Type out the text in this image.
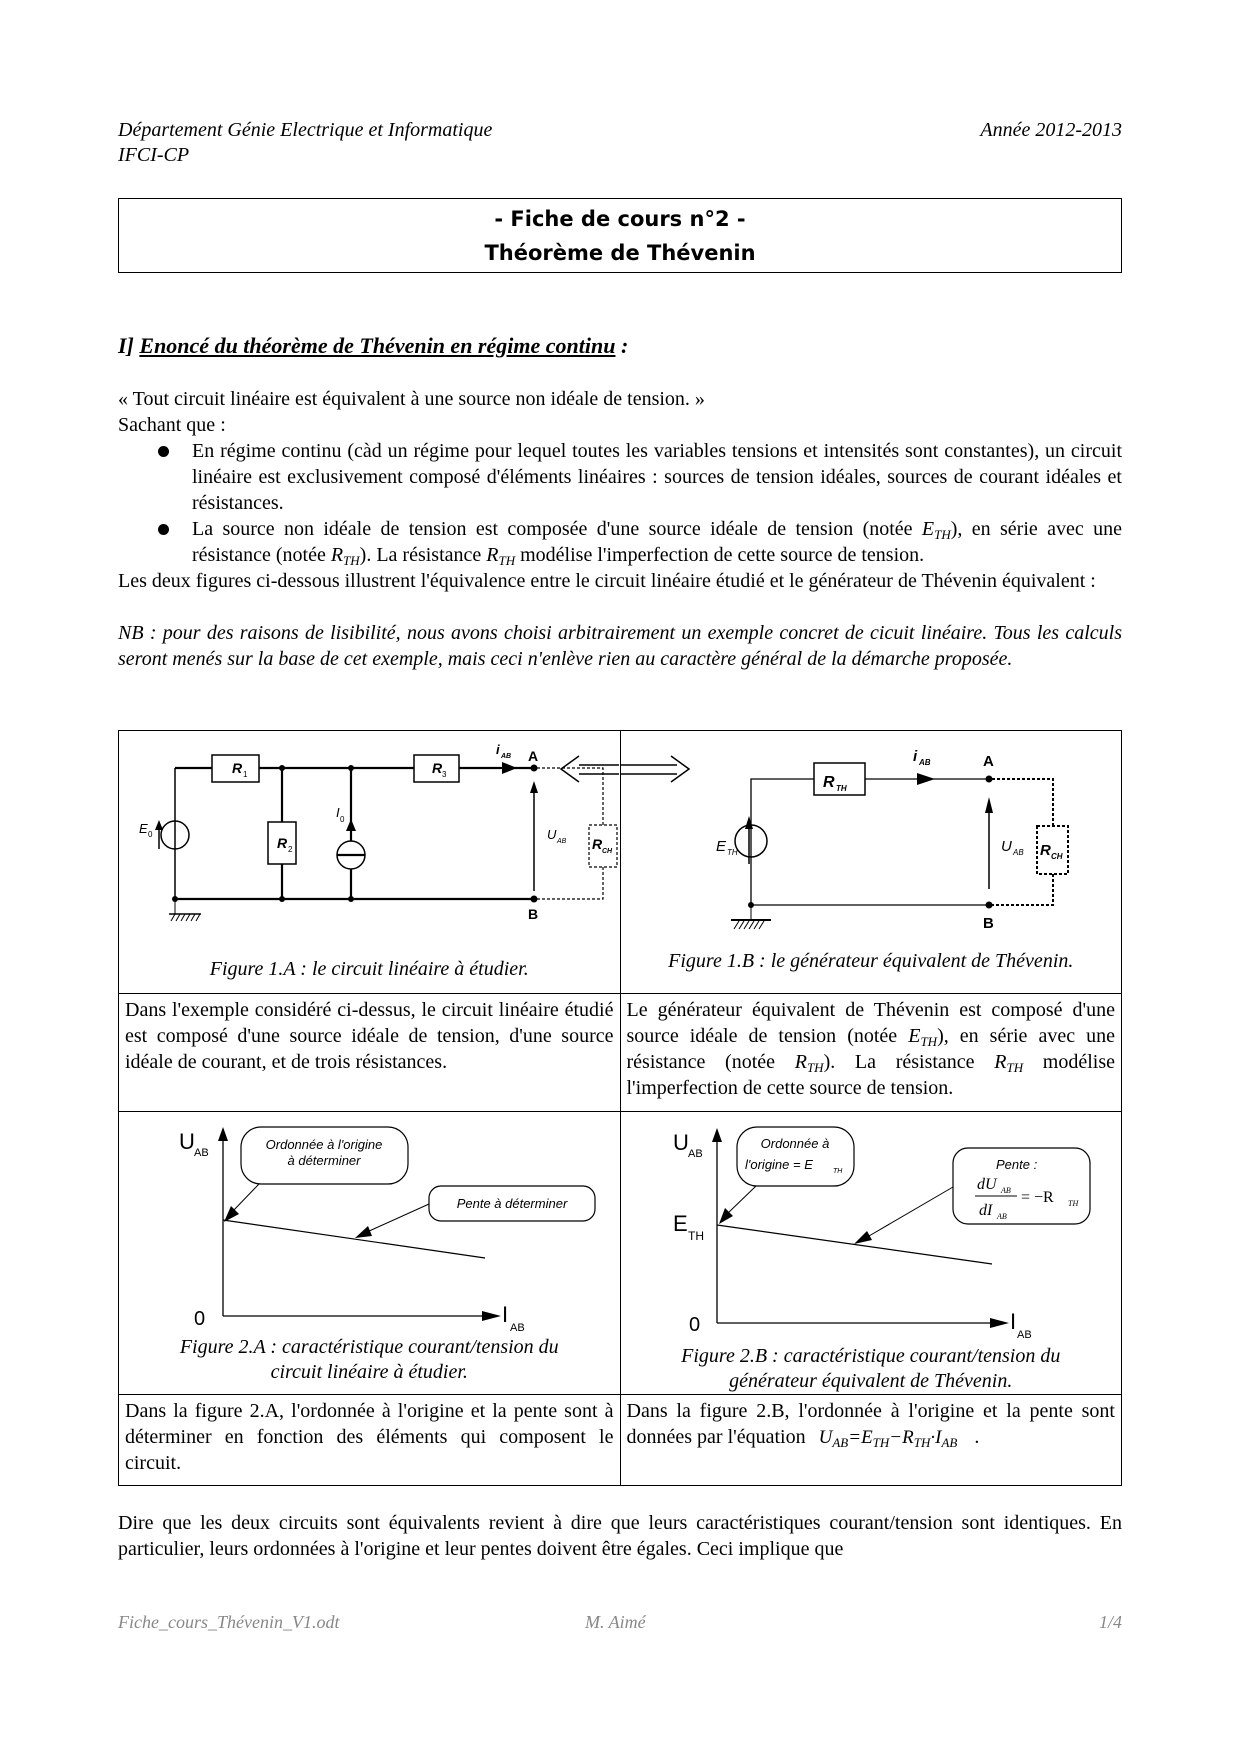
Département Génie Electrique et Informatique
IFCI-CP
Année 2012-2013
- Fiche de cours n°2 -
Théorème de Thévenin
I] Enoncé du théorème de Thévenin en régime continu :
« Tout circuit linéaire est équivalent à une source non idéale de tension. »
Sachant que :
En régime continu (càd un régime pour lequel toutes les variables tensions et intensités sont constantes), un circuit linéaire est exclusivement composé d'éléments linéaires : sources de tension idéales, sources de courant idéales et résistances.
La source non idéale de tension est composée d'une source idéale de tension (notée $E_{TH}$), en série avec une résistance (notée $R_{TH}$). La résistance $R_{TH}$ modélise l'imperfection de cette source de tension.
Les deux figures ci-dessous illustrent l'équivalence entre le circuit linéaire étudié et le générateur de Thévenin équivalent :
NB : pour des raisons de lisibilité, nous avons choisi arbitrairement un exemple concret de cicuit linéaire. Tous les calculs seront menés sur la base de cet exemple, mais ceci n'enlève rien au caractère général de la démarche proposée.
R 1
R 2
R 3
E 0
I 0
i AB A
B
U AB R CH
Figure 1.A : le circuit linéaire à étudier.

R TH
E TH
i AB	A
B
U AB R CH
Figure 1.B : le générateur équivalent de Thévenin.

Dans l'exemple considéré ci-dessus, le circuit linéaire étudié est composé d'une source idéale de tension, d'une source idéale de courant, et de trois résistances.	Le générateur équivalent de Thévenin est composé d'une source idéale de tension (notée $E_{TH}$), en série avec une résistance (notée $R_{TH}$). La résistance $R_{TH}$ modélise l'imperfection de cette source de tension.

Ordonnée à l'origine
à déterminer
Pente à déterminer
U AB
I
AB
0
Figure 2.A : caractéristique courant/tension du
circuit linéaire à étudier.

Ordonnée à
l'origine = E	TH	Pente :
dU AB
dI AB
= −R TH
U AB
E TH
I
AB
0
Figure 2.B : caractéristique courant/tension du
générateur équivalent de Thévenin.

Dans la figure 2.A, l'ordonnée à l'origine et la pente sont à déterminer en fonction des éléments qui composent le circuit.	Dans la figure 2.B, l'ordonnée à l'origine et la pente sont données par l'équation $U_{AB}=E_{TH}-R_{TH}\cdot I_{AB}$ .
Dire que les deux circuits sont équivalents revient à dire que leurs caractéristiques courant/tension sont identiques. En particulier, leurs ordonnées à l'origine et leur pentes doivent être égales. Ceci implique que
Fiche_cours_Thévenin_V1.odt	M. Aimé	1/4
